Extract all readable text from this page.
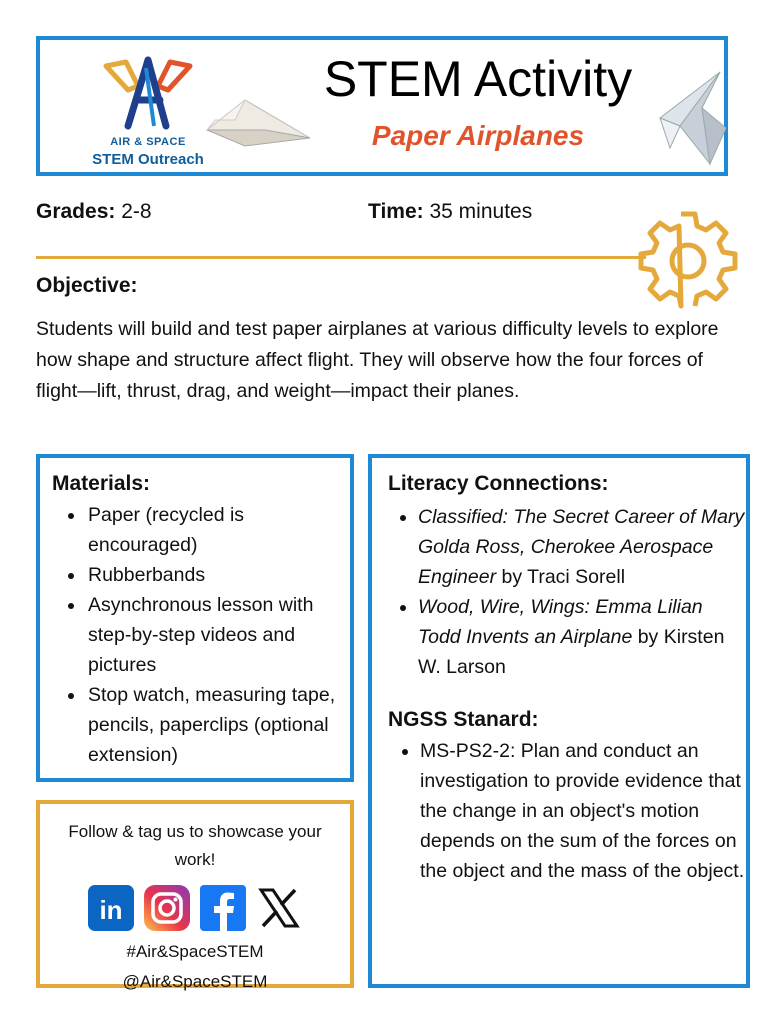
AIR & SPACE
STEM Outreach
STEM Activity
Paper Airplanes
Grades: 2-8	Time: 35 minutes
Objective:
Students will build and test paper airplanes at various difficulty levels to explore how shape and structure affect flight. They will observe how the four forces of flight—lift, thrust, drag, and weight—impact their planes.
Materials:
• Paper (recycled is encouraged)
• Rubberbands
• Asynchronous lesson with step-by-step videos and pictures
• Stop watch, measuring tape, pencils, paperclips (optional extension)
Literacy Connections:
• Classified: The Secret Career of Mary Golda Ross, Cherokee Aerospace Engineer by Traci Sorell
• Wood, Wire, Wings: Emma Lilian Todd Invents an Airplane by Kirsten W. Larson
NGSS Stanard:
• MS-PS2-2: Plan and conduct an investigation to provide evidence that the change in an object's motion depends on the sum of the forces on the object and the mass of the object.
Follow & tag us to showcase your work!
in
#Air&SpaceSTEM
@Air&SpaceSTEM
